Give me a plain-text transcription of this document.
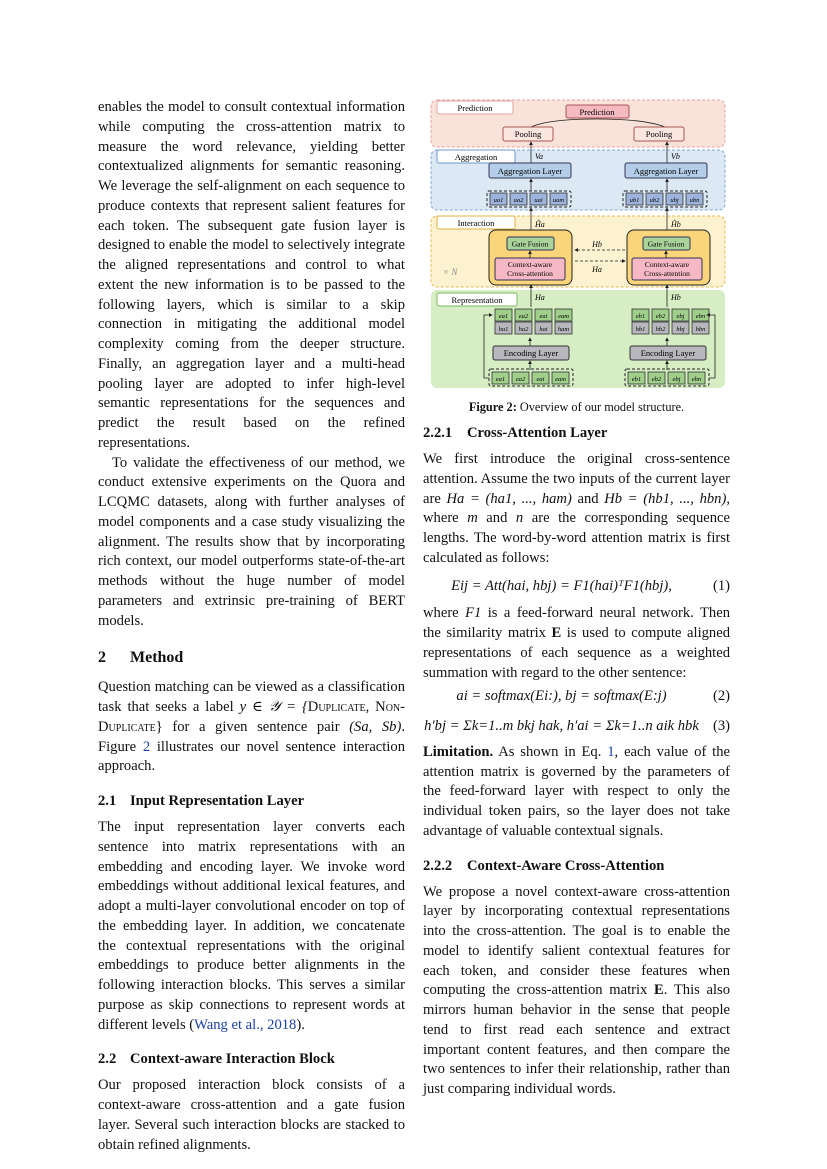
enables the model to consult contextual information while computing the cross-attention matrix to measure the word relevance, yielding better contextualized alignments for semantic reasoning. We leverage the self-alignment on each sequence to produce contexts that represent salient features for each token. The subsequent gate fusion layer is designed to enable the model to selectively integrate the aligned representations and control to what extent the new information is to be passed to the following layers, which is similar to a skip connection in mitigating the additional model complexity coming from the deeper structure. Finally, an aggregation layer and a multi-head pooling layer are adopted to infer high-level semantic representations for the sequences and predict the result based on the refined representations.

To validate the effectiveness of our method, we conduct extensive experiments on the Quora and LCQMC datasets, along with further analyses of model components and a case study visualizing the alignment. The results show that by incorporating rich context, our model outperforms state-of-the-art methods without the huge number of model parameters and extrinsic pre-training of BERT models.

2 Method

Question matching can be viewed as a classification task that seeks a label y ∈ 𝒴 = {Duplicate, Non-Duplicate} for a given sentence pair (Sa, Sb). Figure 2 illustrates our novel sentence interaction approach.

2.1 Input Representation Layer

The input representation layer converts each sentence into matrix representations with an embedding and encoding layer. We invoke word embeddings without additional lexical features, and adopt a multi-layer convolutional encoder on top of the embedding layer. In addition, we concatenate the contextual representations with the original embeddings to produce better alignments in the following interaction blocks. This serves a similar purpose as skip connections to represent words at different levels (Wang et al., 2018).

2.2 Context-aware Interaction Block

Our proposed interaction block consists of a context-aware cross-attention and a gate fusion layer. Several such interaction blocks are stacked to obtain refined alignments.

Prediction
Aggregation
Interaction
Representation
Prediction
Pooling	Pooling
Va	Vb
Aggregation Layer	Aggregation Layer
ua1 ua2 uai uam	ub1 ub2 ubj ubn
Ĥa	Ĥb
Gate Fusion	Gate Fusion
Context-aware
Cross-attention
Context-aware
Cross-attention
Hb
Ha
× N
Ha	Hb
ea1 ea2 eai eam
ha1 ha2 hai ham
eb1 eb2 ebj ebn
hb1 hb2 hbj hbn
Encoding Layer	Encoding Layer
ea1 ea2 eai eam	eb1 eb2 ebj ebn
Figure 2: Overview of our model structure.
2.2.1 Cross-Attention Layer

We first introduce the original cross-sentence attention. Assume the two inputs of the current layer are Ha = (ha1, ..., ham) and Hb = (hb1, ..., hbn), where m and n are the corresponding sequence lengths. The word-by-word attention matrix is first calculated as follows:

Eij = Att(hai, hbj) = F1(hai)ᵀF1(hbj),	(1)

where F1 is a feed-forward neural network. Then the similarity matrix E is used to compute aligned representations of each sequence as a weighted summation with regard to the other sentence:

ai = softmax(Ei:), bj = softmax(E:j)	(2)
h′bj = Σk=1..m bkj hak, h′ai = Σk=1..n aik hbk (3)

Limitation. As shown in Eq. 1, each value of the attention matrix is governed by the parameters of the feed-forward layer with respect to only the individual token pairs, so the layer does not take advantage of valuable contextual signals.

2.2.2 Context-Aware Cross-Attention

We propose a novel context-aware cross-attention layer by incorporating contextual representations into the cross-attention. The goal is to enable the model to identify salient contextual features for each token, and consider these features when computing the cross-attention matrix E. This also mirrors human behavior in the sense that people tend to first read each sentence and extract important content features, and then compare the two sentences to infer their relationship, rather than just comparing individual words.
